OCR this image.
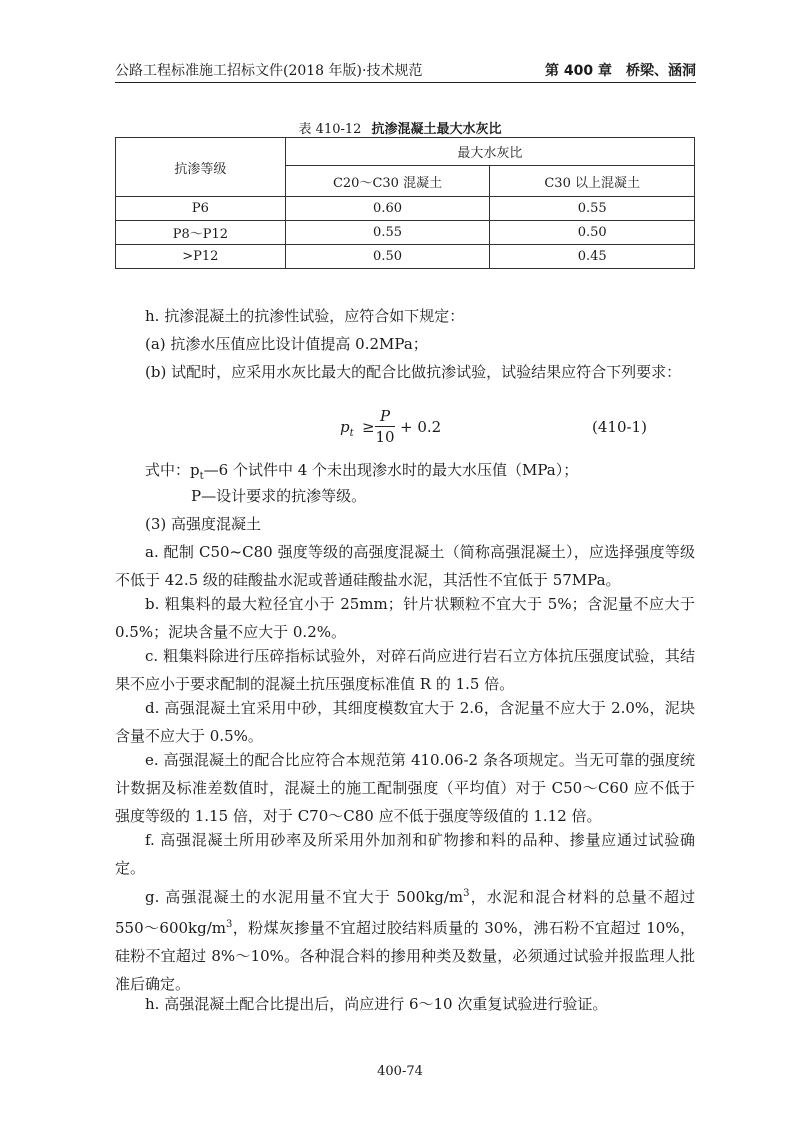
公路工程标准施工招标文件(2018 年版)·技术规范	第 400 章　桥梁、涵洞
表 410-12 抗渗混凝土最大水灰比
抗渗等级	最大水灰比	
	C20～C30 混凝土	C30 以上混凝土
P6	0.60	0.55
P8～P12	0.55	0.50
>P12	0.50	0.45
h. 抗渗混凝土的抗渗性试验，应符合如下规定：
(a) 抗渗水压值应比设计值提高 0.2MPa；
(b) 试配时，应采用水灰比最大的配合比做抗渗试验，试验结果应符合下列要求：
$p_t$ ≥
P
10
+ 0.2	(410-1)
式中：$p_t—6$ 个试件中 4 个未出现渗水时的最大水压值（MPa）；
P—设计要求的抗渗等级。
(3) 高强度混凝土
a. 配制 C50~C80 强度等级的高强度混凝土（简称高强混凝土），应选择强度等级不低于 42.5 级的硅酸盐水泥或普通硅酸盐水泥，其活性不宜低于 57MPa。
b. 粗集料的最大粒径宜小于 25mm；针片状颗粒不宜大于 5%；含泥量不应大于 0.5%；泥块含量不应大于 0.2%。
c. 粗集料除进行压碎指标试验外，对碎石尚应进行岩石立方体抗压强度试验，其结果不应小于要求配制的混凝土抗压强度标准值 R 的 1.5 倍。
d. 高强混凝土宜采用中砂，其细度模数宜大于 2.6，含泥量不应大于 2.0%，泥块含量不应大于 0.5%。
e. 高强混凝土的配合比应符合本规范第 410.06-2 条各项规定。当无可靠的强度统计数据及标准差数值时，混凝土的施工配制强度（平均值）对于 C50～C60 应不低于强度等级的 1.15 倍，对于 C70～C80 应不低于强度等级值的 1.12 倍。
f. 高强混凝土所用砂率及所采用外加剂和矿物掺和料的品种、掺量应通过试验确定。
g. 高强混凝土的水泥用量不宜大于 $500kg/m^3$，水泥和混合材料的总量不超过 $550\sim 600kg/m^3$，粉煤灰掺量不宜超过胶结料质量的 30%，沸石粉不宜超过 10%，硅粉不宜超过 8%～10%。各种混合料的掺用种类及数量，必须通过试验并报监理人批准后确定。
h. 高强混凝土配合比提出后，尚应进行 6～10 次重复试验进行验证。
400-74
